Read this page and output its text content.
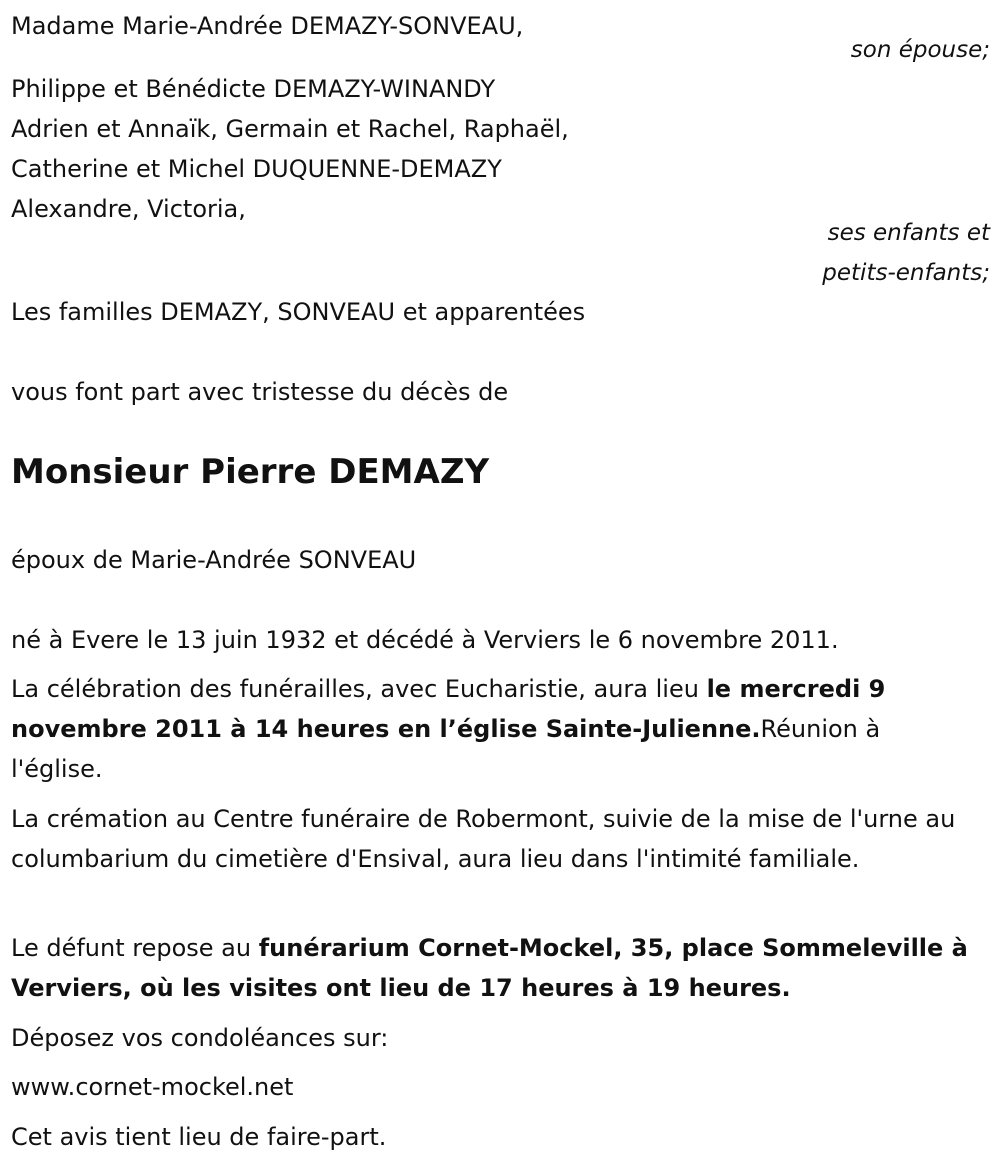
Madame Marie-Andrée DEMAZY-SONVEAU,
son épouse;
Philippe et Bénédicte DEMAZY-WINANDY
Adrien et Annaïk, Germain et Rachel, Raphaël,
Catherine et Michel DUQUENNE-DEMAZY
Alexandre, Victoria,
ses enfants et
petits-enfants;
Les familles DEMAZY, SONVEAU et apparentées
vous font part avec tristesse du décès de
Monsieur Pierre DEMAZY
époux de Marie-Andrée SONVEAU
né à Evere le 13 juin 1932 et décédé à Verviers le 6 novembre 2011.
La célébration des funérailles, avec Eucharistie, aura lieu le mercredi 9 novembre 2011 à 14 heures en l’église Sainte-Julienne.Réunion à l'église.
La crémation au Centre funéraire de Robermont, suivie de la mise de l'urne au columbarium du cimetière d'Ensival, aura lieu dans l'intimité familiale.
Le défunt repose au funérarium Cornet-Mockel, 35, place Sommeleville à Verviers, où les visites ont lieu de 17 heures à 19 heures.
Déposez vos condoléances sur:
www.cornet-mockel.net
Cet avis tient lieu de faire-part.
